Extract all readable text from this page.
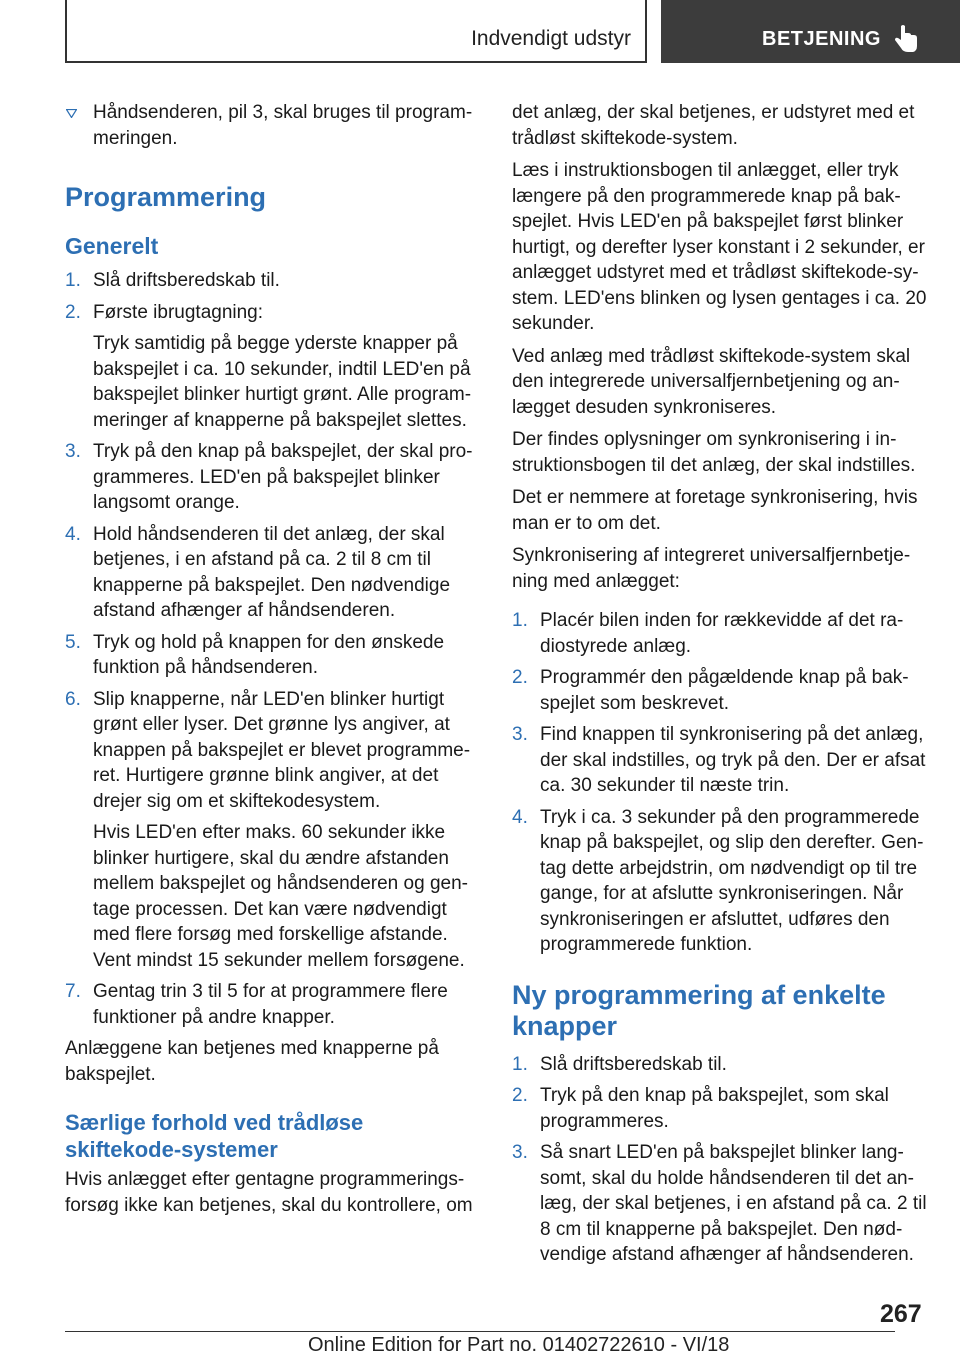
Indvendigt udstyr	BETJENING

Håndsenderen, pil 3, skal bruges til programmeringen.

Programmering
Generelt
1. Slå driftsberedskab til.

2. Første ibrugtagning:

Tryk samtidig på begge yderste knapper på bakspejlet i ca. 10 sekunder, indtil LED'en på bakspejlet blinker hurtigt grønt. Alle programmeringer af knapperne på bakspejlet slettes.

3. Tryk på den knap på bakspejlet, der skal programmeres. LED'en på bakspejlet blinker langsomt orange.

4. Hold håndsenderen til det anlæg, der skal betjenes, i en afstand på ca. 2 til 8 cm til knapperne på bakspejlet. Den nødvendige afstand afhænger af håndsenderen.

5. Tryk og hold på knappen for den ønskede funktion på håndsenderen.

6. Slip knapperne, når LED'en blinker hurtigt grønt eller lyser. Det grønne lys angiver, at knappen på bakspejlet er blevet programmeret. Hurtigere grønne blink angiver, at det drejer sig om et skiftekodesystem.

Hvis LED'en efter maks. 60 sekunder ikke blinker hurtigere, skal du ændre afstanden mellem bakspejlet og håndsenderen og gentage processen. Det kan være nødvendigt med flere forsøg med forskellige afstande. Vent mindst 15 sekunder mellem forsøgene.

7. Gentag trin 3 til 5 for at programmere flere funktioner på andre knapper.

Anlæggene kan betjenes med knapperne på bakspejlet.

Særlige forhold ved trådløse skiftekode-systemer

Hvis anlægget efter gentagne programmeringsforsøg ikke kan betjenes, skal du kontrollere, om

det anlæg, der skal betjenes, er udstyret med et trådløst skiftekode-system.

Læs i instruktionsbogen til anlægget, eller tryk længere på den programmerede knap på bakspejlet. Hvis LED'en på bakspejlet først blinker hurtigt, og derefter lyser konstant i 2 sekunder, er anlægget udstyret med et trådløst skiftekode-system. LED'ens blinken og lysen gentages i ca. 20 sekunder.

Ved anlæg med trådløst skiftekode-system skal den integrerede universalfjernbetjening og anlægget desuden synkroniseres.

Der findes oplysninger om synkronisering i instruktionsbogen til det anlæg, der skal indstilles.

Det er nemmere at foretage synkronisering, hvis man er to om det.

Synkronisering af integreret universalfjernbetjening med anlægget:

1. Placér bilen inden for rækkevidde af det radiostyrede anlæg.

2. Programmér den pågældende knap på bakspejlet som beskrevet.

3. Find knappen til synkronisering på det anlæg, der skal indstilles, og tryk på den. Der er afsat ca. 30 sekunder til næste trin.

4. Tryk i ca. 3 sekunder på den programmerede knap på bakspejlet, og slip den derefter. Gentag dette arbejdstrin, om nødvendigt op til tre gange, for at afslutte synkroniseringen. Når synkroniseringen er afsluttet, udføres den programmerede funktion.

Ny programmering af enkelte knapper
1. Slå driftsberedskab til.

2. Tryk på den knap på bakspejlet, som skal programmeres.

3. Så snart LED'en på bakspejlet blinker langsomt, skal du holde håndsenderen til det anlæg, der skal betjenes, i en afstand på ca. 2 til 8 cm til knapperne på bakspejlet. Den nødvendige afstand afhænger af håndsenderen.

267
Online Edition for Part no. 01402722610 - VI/18
